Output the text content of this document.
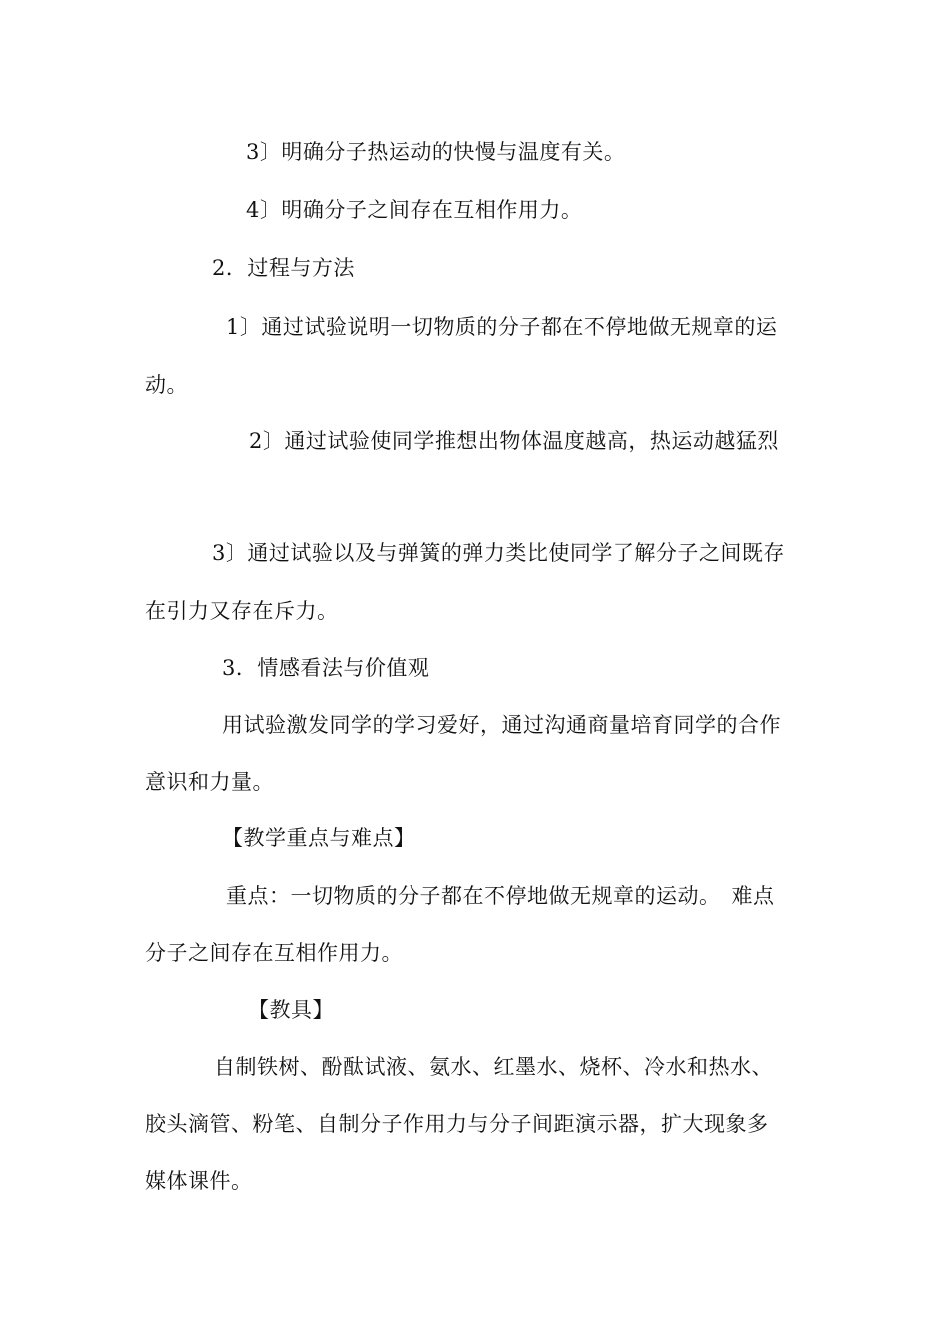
3〕明确分子热运动的快慢与温度有关。
4〕明确分子之间存在互相作用力。
2．过程与方法
1〕通过试验说明一切物质的分子都在不停地做无规章的运
动。
2〕通过试验使同学推想出物体温度越高，热运动越猛烈
3〕通过试验以及与弹簧的弹力类比使同学了解分子之间既存
在引力又存在斥力。
3．情感看法与价值观
用试验激发同学的学习爱好，通过沟通商量培育同学的合作
意识和力量。
【教学重点与难点】
重点：一切物质的分子都在不停地做无规章的运动。　难点
分子之间存在互相作用力。
【教具】
自制铁树、酚酞试液、氨水、红墨水、烧杯、冷水和热水、
胶头滴管、粉笔、自制分子作用力与分子间距演示器，扩大现象多
媒体课件。
